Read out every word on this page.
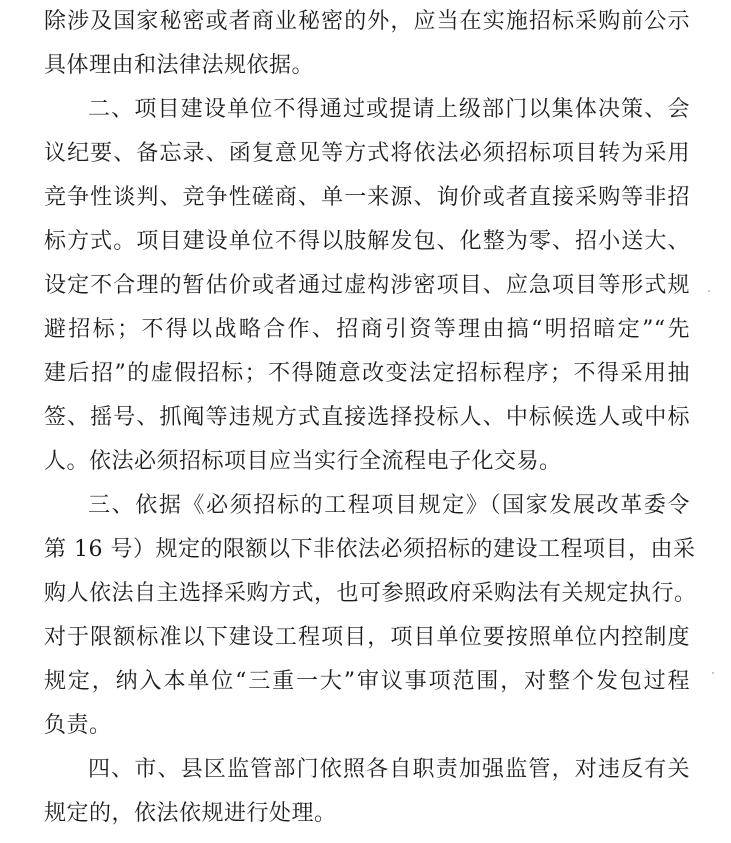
除涉及国家秘密或者商业秘密的外，应当在实施招标采购前公示

具体理由和法律法规依据。

二、项目建设单位不得通过或提请上级部门以集体决策、会

议纪要、备忘录、函复意见等方式将依法必须招标项目转为采用

竞争性谈判、竞争性磋商、单一来源、询价或者直接采购等非招

标方式。项目建设单位不得以肢解发包、化整为零、招小送大、

设定不合理的暂估价或者通过虚构涉密项目、应急项目等形式规

避招标；不得以战略合作、招商引资等理由搞“明招暗定”“先

建后招”的虚假招标；不得随意改变法定招标程序；不得采用抽

签、摇号、抓阄等违规方式直接选择投标人、中标候选人或中标

人。依法必须招标项目应当实行全流程电子化交易。

三、依据《必须招标的工程项目规定》（国家发展改革委令

第 16 号）规定的限额以下非依法必须招标的建设工程项目，由采

购人依法自主选择采购方式，也可参照政府采购法有关规定执行。

对于限额标准以下建设工程项目，项目单位要按照单位内控制度

规定，纳入本单位“三重一大”审议事项范围，对整个发包过程

负责。

四、市、县区监管部门依照各自职责加强监管，对违反有关

规定的，依法依规进行处理。
